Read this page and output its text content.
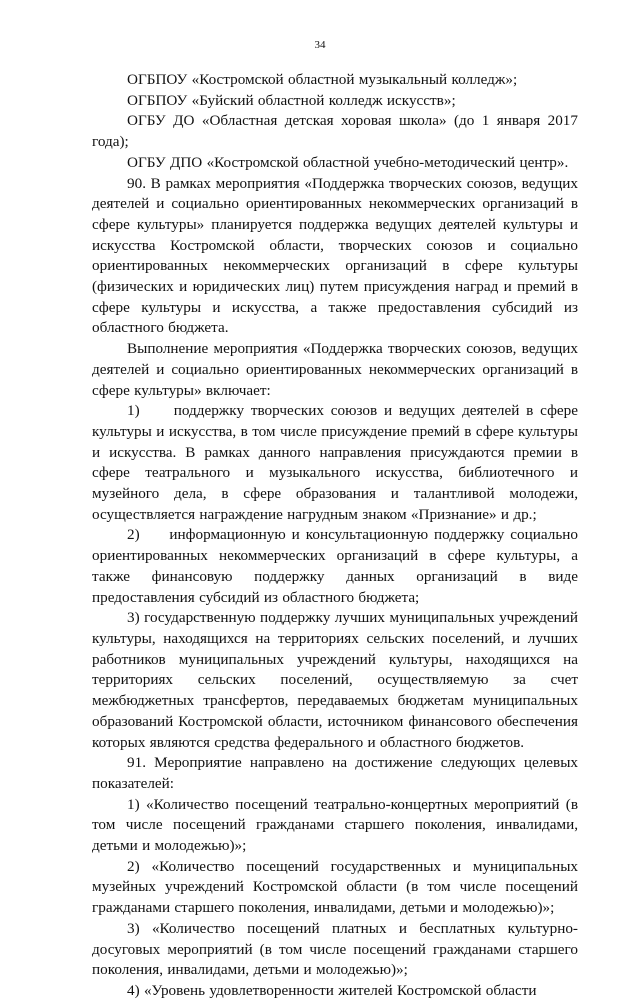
34

ОГБПОУ «Костромской областной музыкальный колледж»;

ОГБПОУ «Буйский областной колледж искусств»;

ОГБУ ДО «Областная детская хоровая школа» (до 1 января 2017 года);

ОГБУ ДПО «Костромской областной учебно-методический центр».

90. В рамках мероприятия «Поддержка творческих союзов, ведущих деятелей и социально ориентированных некоммерческих организаций в сфере культуры» планируется поддержка ведущих деятелей культуры и искусства Костромской области, творческих союзов и социально ориентированных некоммерческих организаций в сфере культуры (физических и юридических лиц) путем присуждения наград и премий в сфере культуры и искусства, а также предоставления субсидий из областного бюджета.

Выполнение мероприятия «Поддержка творческих союзов, ведущих деятелей и социально ориентированных некоммерческих организаций в сфере культуры» включает:

1)     поддержку творческих союзов и ведущих деятелей в сфере культуры и искусства, в том числе присуждение премий в сфере культуры и искусства. В рамках данного направления присуждаются премии в сфере театрального и музыкального искусства, библиотечного и музейного дела, в сфере образования и талантливой молодежи, осуществляется награждение нагрудным знаком «Признание» и др.;

2)     информационную и консультационную поддержку социально ориентированных некоммерческих организаций в сфере культуры, а также финансовую поддержку данных организаций в виде предоставления субсидий из областного бюджета;

3) государственную поддержку лучших муниципальных учреждений культуры, находящихся на территориях сельских поселений, и лучших работников муниципальных учреждений культуры, находящихся на территориях сельских поселений, осуществляемую за счет межбюджетных трансфертов, передаваемых бюджетам муниципальных образований Костромской области, источником финансового обеспечения которых являются средства федерального и областного бюджетов.

91. Мероприятие направлено на достижение следующих целевых показателей:

1) «Количество посещений театрально-концертных мероприятий (в том числе посещений гражданами старшего поколения, инвалидами, детьми и молодежью)»;

2) «Количество посещений государственных и муниципальных музейных учреждений Костромской области (в том числе посещений гражданами старшего поколения, инвалидами, детьми и молодежью)»;

3) «Количество посещений платных и бесплатных культурно-досуговых мероприятий (в том числе посещений гражданами старшего поколения, инвалидами, детьми и молодежью)»;

4) «Уровень удовлетворенности жителей Костромской области
